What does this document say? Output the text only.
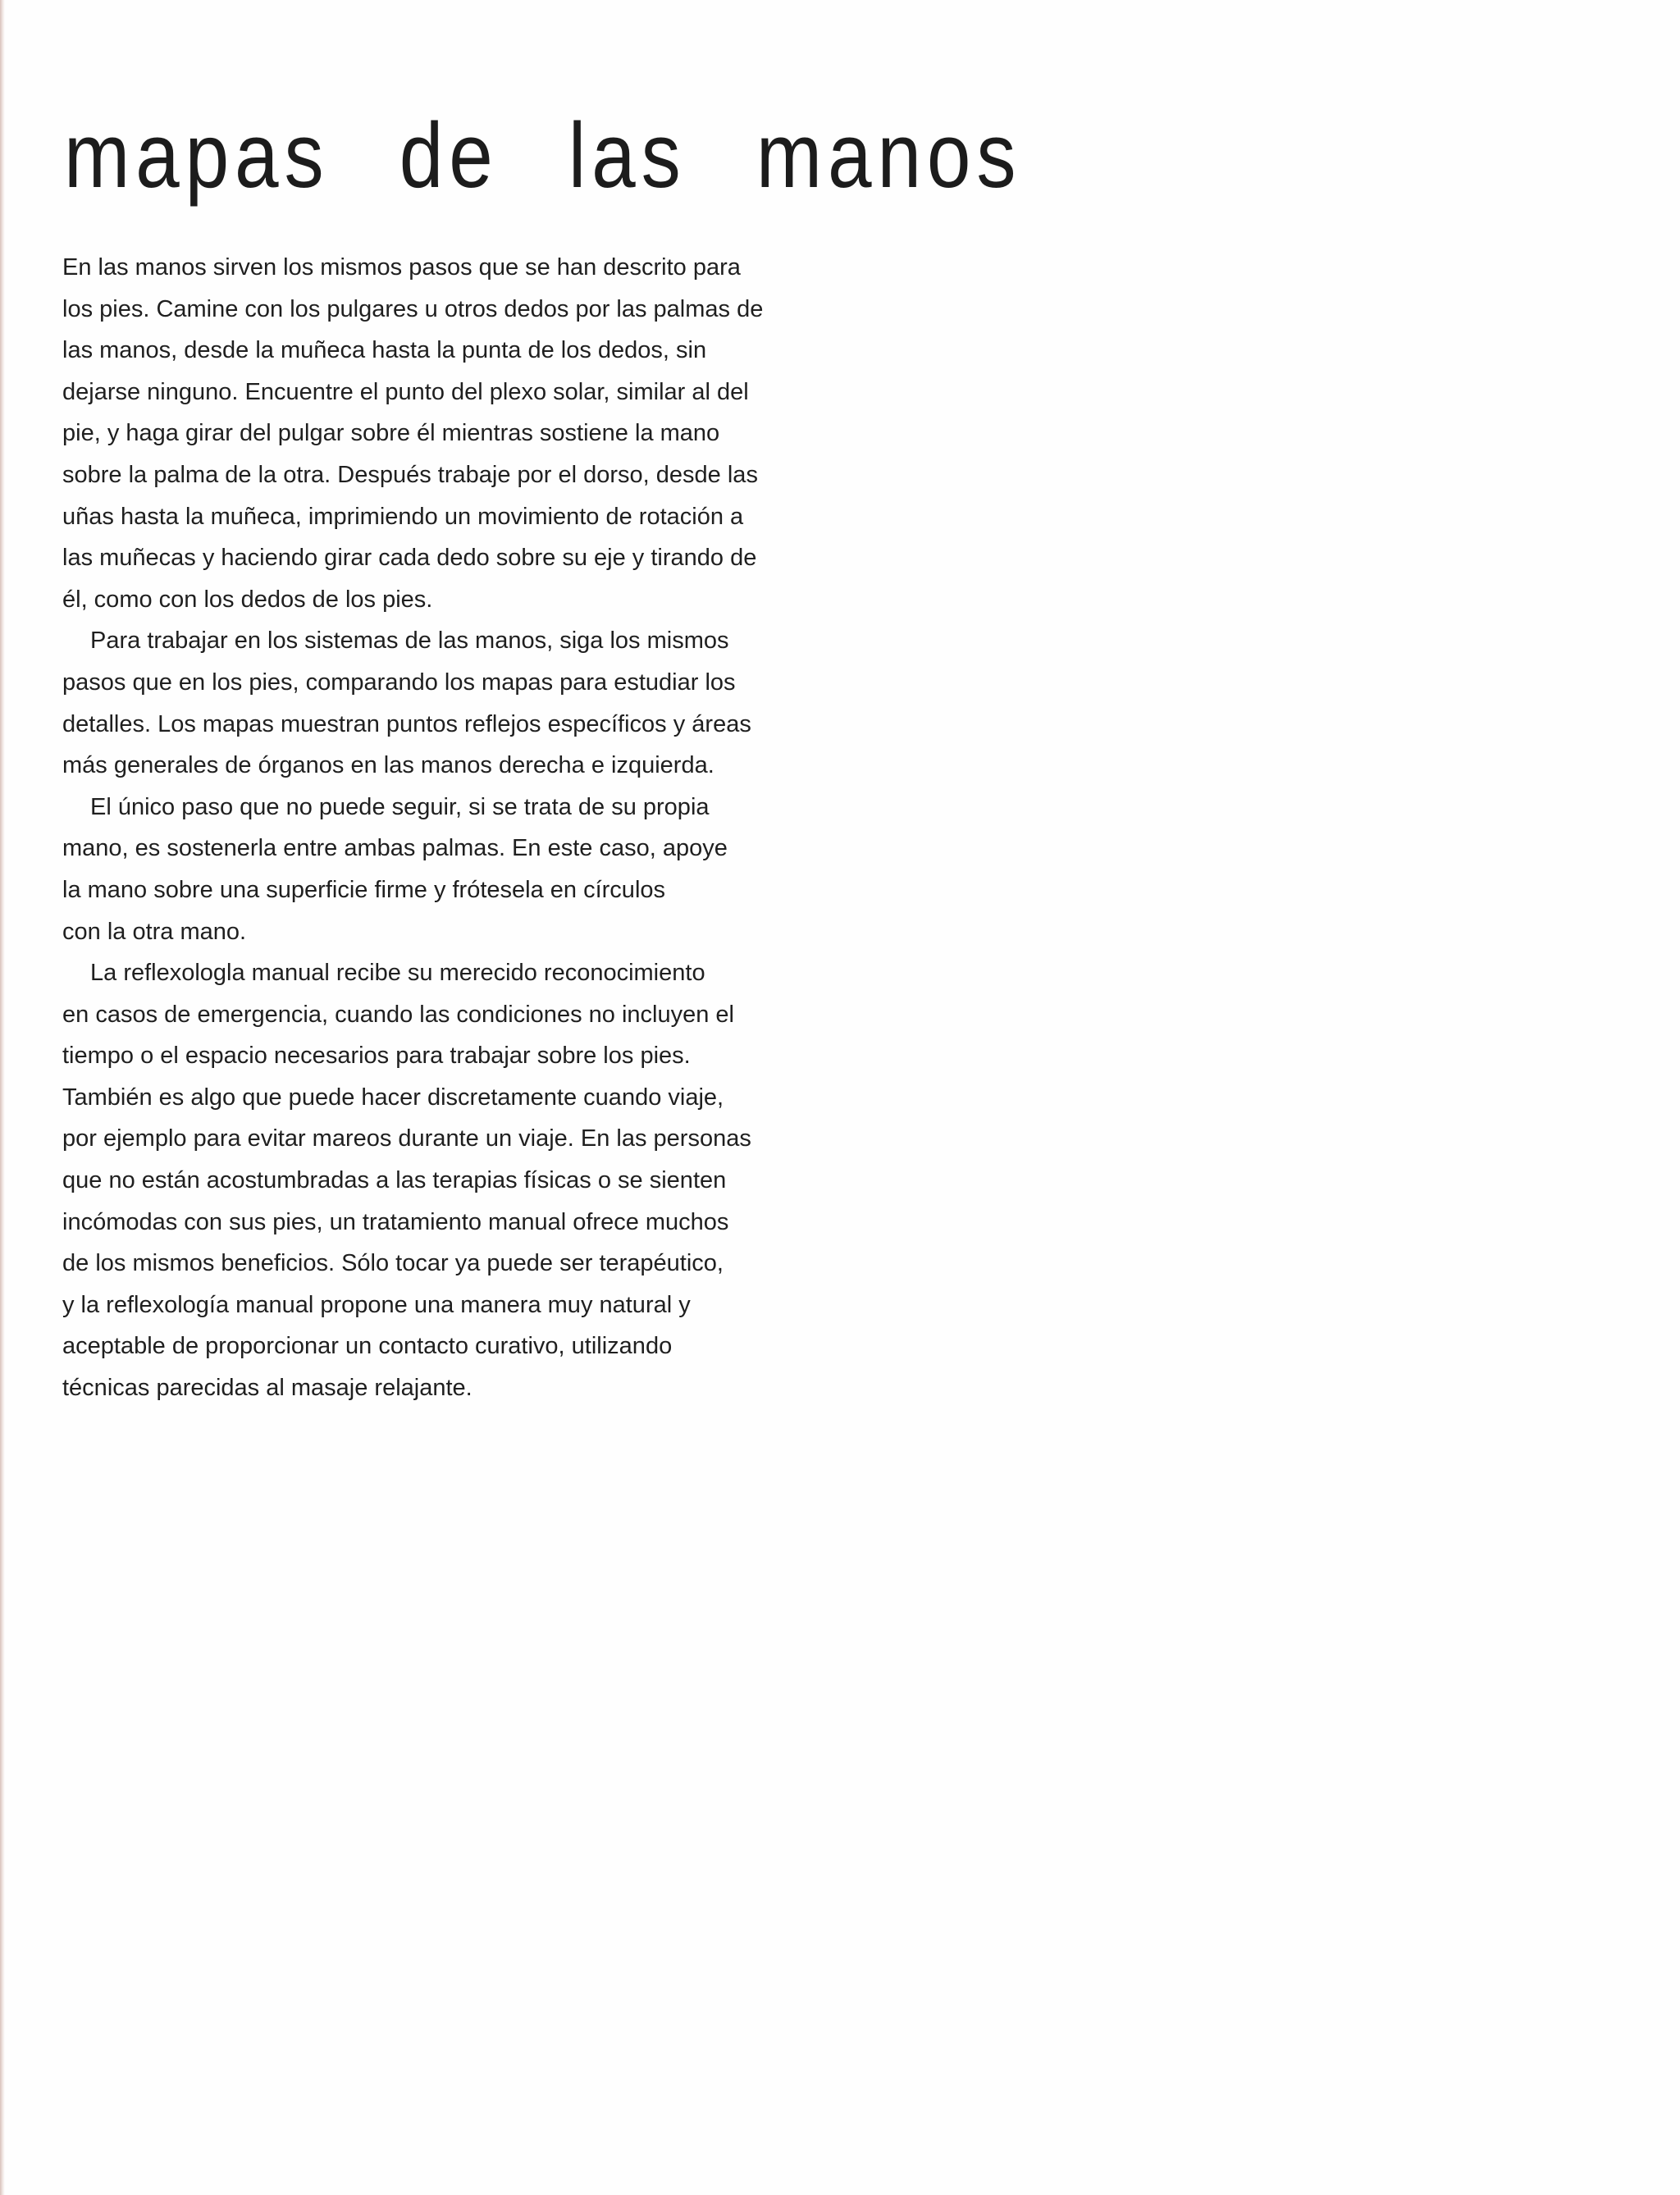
mapas de las manos
En las manos sirven los mismos pasos que se han descrito para
los pies. Camine con los pulgares u otros dedos por las palmas de
las manos, desde la muñeca hasta la punta de los dedos, sin
dejarse ninguno. Encuentre el punto del plexo solar, similar al del
pie, y haga girar del pulgar sobre él mientras sostiene la mano
sobre la palma de la otra. Después trabaje por el dorso, desde las
uñas hasta la muñeca, imprimiendo un movimiento de rotación a
las muñecas y haciendo girar cada dedo sobre su eje y tirando de
él, como con los dedos de los pies.
Para trabajar en los sistemas de las manos, siga los mismos
pasos que en los pies, comparando los mapas para estudiar los
detalles. Los mapas muestran puntos reflejos específicos y áreas
más generales de órganos en las manos derecha e izquierda.
El único paso que no puede seguir, si se trata de su propia
mano, es sostenerla entre ambas palmas. En este caso, apoye
la mano sobre una superficie firme y frótesela en círculos
con la otra mano.
La reflexologla manual recibe su merecido reconocimiento
en casos de emergencia, cuando las condiciones no incluyen el
tiempo o el espacio necesarios para trabajar sobre los pies.
También es algo que puede hacer discretamente cuando viaje,
por ejemplo para evitar mareos durante un viaje. En las personas
que no están acostumbradas a las terapias físicas o se sienten
incómodas con sus pies, un tratamiento manual ofrece muchos
de los mismos beneficios. Sólo tocar ya puede ser terapéutico,
y la reflexología manual propone una manera muy natural y
aceptable de proporcionar un contacto curativo, utilizando
técnicas parecidas al masaje relajante.
